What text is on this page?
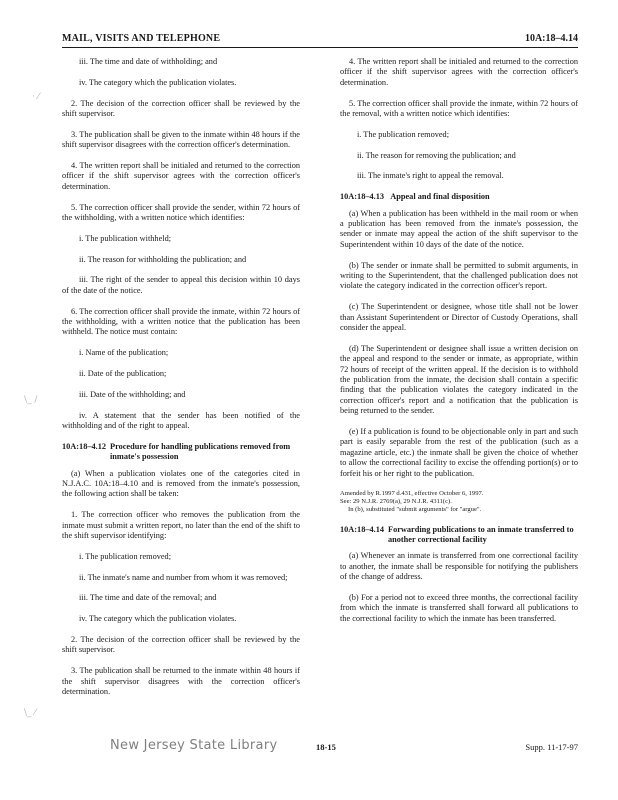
MAIL, VISITS AND TELEPHONE	10A:18–4.14

iii. The time and date of withholding; and

iv. The category which the publication violates.

2. The decision of the correction officer shall be reviewed by the shift supervisor.

3. The publication shall be given to the inmate within 48 hours if the shift supervisor disagrees with the correction officer's determination.

4. The written report shall be initialed and returned to the correction officer if the shift supervisor agrees with the correction officer's determination.

5. The correction officer shall provide the sender, within 72 hours of the withholding, with a written notice which identifies:

i. The publication withheld;

ii. The reason for withholding the publication; and

iii. The right of the sender to appeal this decision within 10 days of the date of the notice.

6. The correction officer shall provide the inmate, within 72 hours of the withholding, with a written notice that the publication has been withheld. The notice must contain:

i. Name of the publication;

ii. Date of the publication;

iii. Date of the withholding; and

iv. A statement that the sender has been notified of the withholding and of the right to appeal.

10A:18–4.12 Procedure for handling publications removed from inmate's possession

(a) When a publication violates one of the categories cited in N.J.A.C. 10A:18–4.10 and is removed from the inmate's possession, the following action shall be taken:

1. The correction officer who removes the publication from the inmate must submit a written report, no later than the end of the shift to the shift supervisor identifying:

i. The publication removed;

ii. The inmate's name and number from whom it was removed;

iii. The time and date of the removal; and

iv. The category which the publication violates.

2. The decision of the correction officer shall be reviewed by the shift supervisor.

3. The publication shall be returned to the inmate within 48 hours if the shift supervisor disagrees with the correction officer's determination.

4. The written report shall be initialed and returned to the correction officer if the shift supervisor agrees with the correction officer's determination.

5. The correction officer shall provide the inmate, within 72 hours of the removal, with a written notice which identifies:

i. The publication removed;

ii. The reason for removing the publication; and

iii. The inmate's right to appeal the removal.

10A:18–4.13 Appeal and final disposition

(a) When a publication has been withheld in the mail room or when a publication has been removed from the inmate's possession, the sender or inmate may appeal the action of the shift supervisor to the Superintendent within 10 days of the date of the notice.

(b) The sender or inmate shall be permitted to submit arguments, in writing to the Superintendent, that the challenged publication does not violate the category indicated in the correction officer's report.

(c) The Superintendent or designee, whose title shall not be lower than Assistant Superintendent or Director of Custody Operations, shall consider the appeal.

(d) The Superintendent or designee shall issue a written decision on the appeal and respond to the sender or inmate, as appropriate, within 72 hours of receipt of the written appeal. If the decision is to withhold the publication from the inmate, the decision shall contain a specific finding that the publication violates the category indicated in the correction officer's report and a notification that the publication is being returned to the sender.

(e) If a publication is found to be objectionable only in part and such part is easily separable from the rest of the publication (such as a magazine article, etc.) the inmate shall be given the choice of whether to allow the correctional facility to excise the offending portion(s) or to forfeit his or her right to the publication.

Amended by R.1997 d.431, effective October 6, 1997.
See: 29 N.J.R. 2769(a), 29 N.J.R. 4311(c).
In (b), substituted "submit arguments" for "argue".
10A:18–4.14 Forwarding publications to an inmate transferred to another correctional facility

(a) Whenever an inmate is transferred from one correctional facility to another, the inmate shall be responsible for notifying the publishers of the change of address.

(b) For a period not to exceed three months, the correctional facility from which the inmate is transferred shall forward all publications to the correctional facility to which the inmate has been transferred.

· ⁄
\_ /
\_ ⁄
New Jersey State Library	18-15	Supp. 11-17-97
